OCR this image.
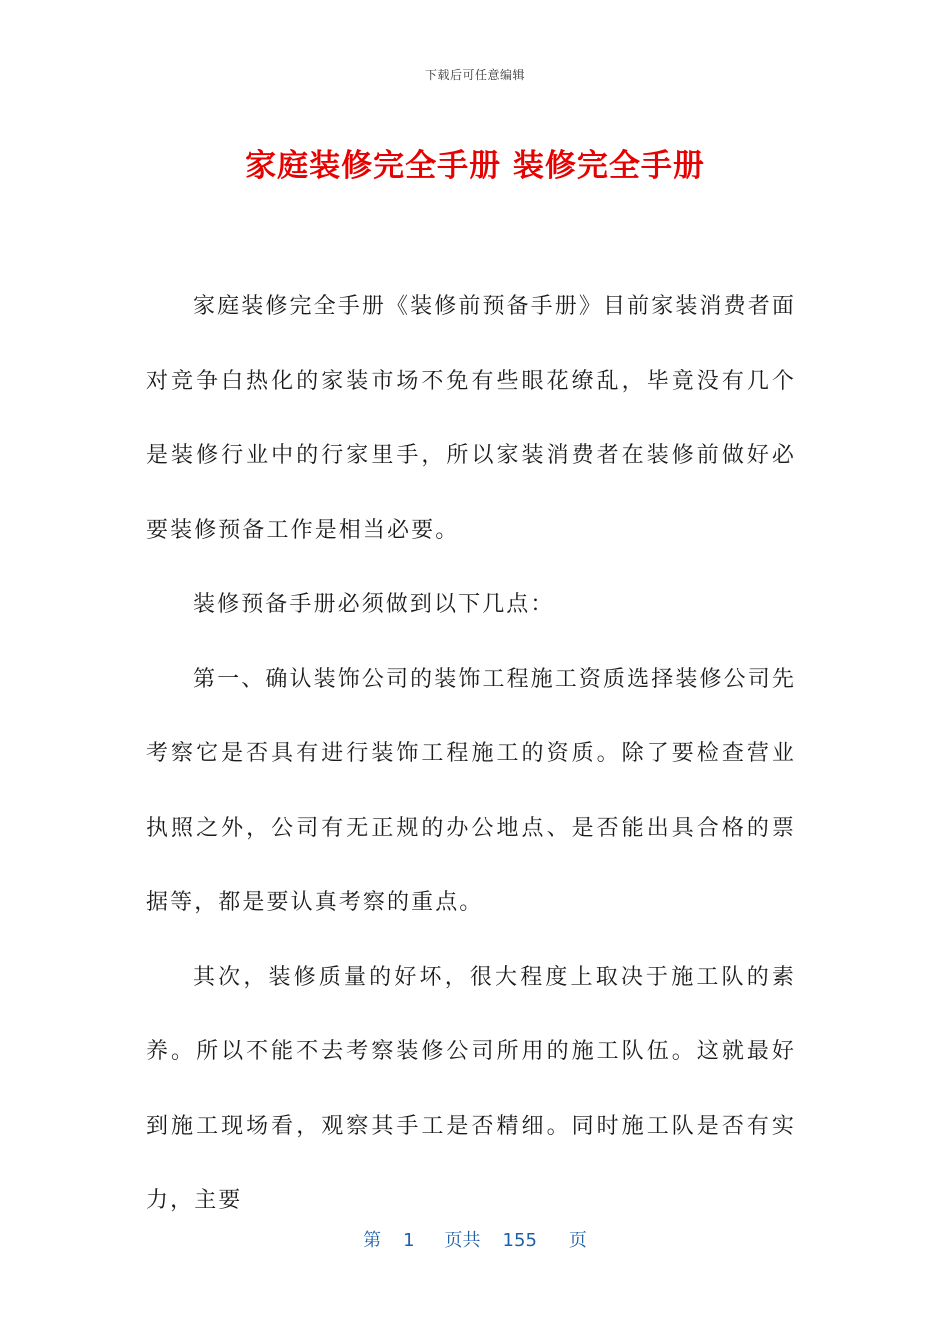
下载后可任意编辑
家庭装修完全手册 装修完全手册

家庭装修完全手册《装修前预备手册》目前家装消费者面对竞争白热化的家装市场不免有些眼花缭乱，毕竟没有几个是装修行业中的行家里手，所以家装消费者在装修前做好必要装修预备工作是相当必要。

装修预备手册必须做到以下几点：

第一、确认装饰公司的装饰工程施工资质选择装修公司先考察它是否具有进行装饰工程施工的资质。除了要检查营业执照之外，公司有无正规的办公地点、是否能出具合格的票据等，都是要认真考察的重点。

其次，装修质量的好坏，很大程度上取决于施工队的素养。所以不能不去考察装修公司所用的施工队伍。这就最好到施工现场看，观察其手工是否精细。同时施工队是否有实力，主要

第 1 页共 155 页
